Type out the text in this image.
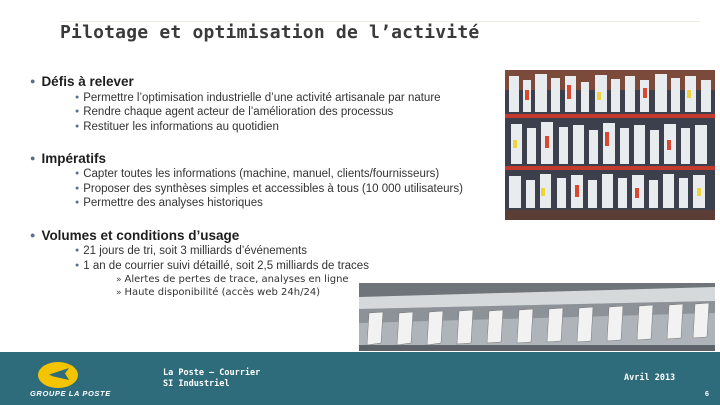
Pilotage et optimisation de l’activité
● Défis à relever
● Permettre l’optimisation industrielle d’une activité artisanale par nature
● Rendre chaque agent acteur de l’amélioration des processus
● Restituer les informations au quotidien
● Impératifs
● Capter toutes les informations (machine, manuel, clients/fournisseurs)
● Proposer des synthèses simples et accessibles à tous (10 000 utilisateurs)
● Permettre des analyses historiques
● Volumes et conditions d’usage
● 21 jours de tri, soit 3 milliards d’événements
● 1 an de courrier suivi détaillé, soit 2,5 milliards de traces
» Alertes de pertes de trace, analyses en ligne
» Haute disponibilité (accès web 24h/24)
GROUPE LA POSTE
La Poste – Courrier
SI Industriel
Avril 2013
6
